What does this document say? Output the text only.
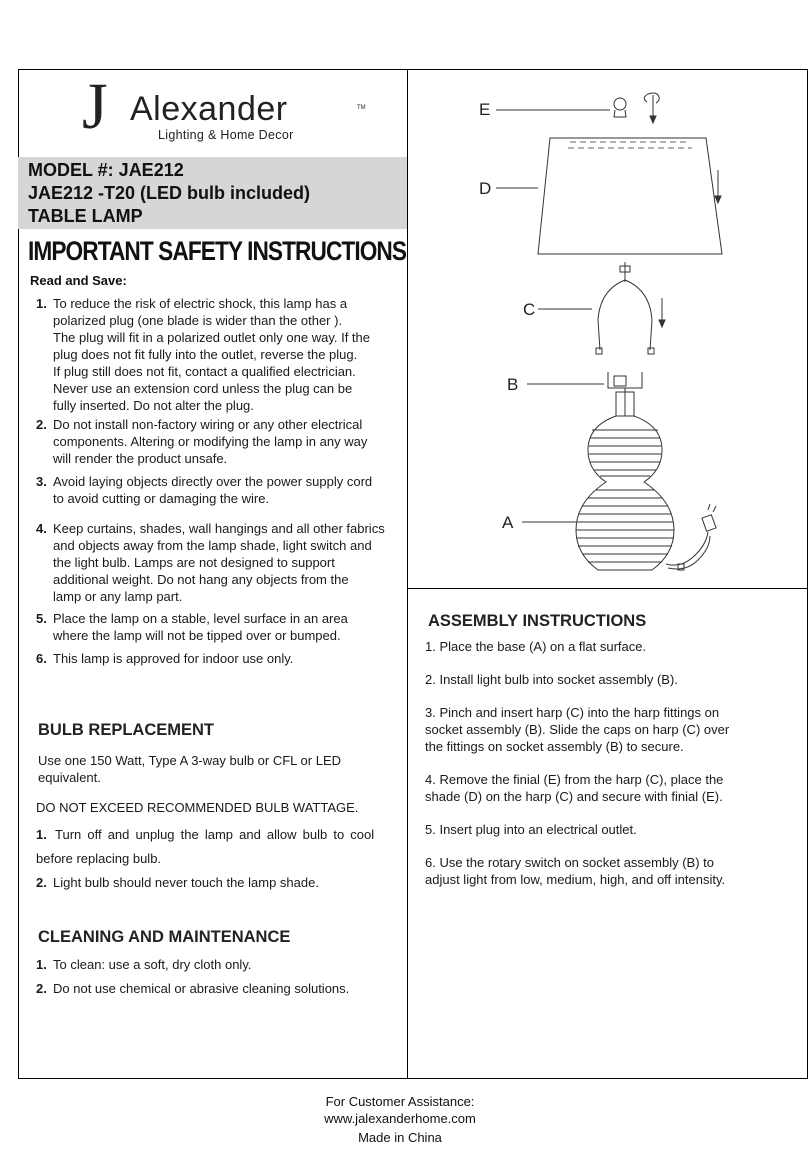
J Alexander	TM
Lighting & Home Decor
MODEL #: JAE212
JAE212 -T20 (LED bulb included)
TABLE LAMP
IMPORTANT SAFETY INSTRUCTIONS
Read and Save:
1. To reduce the risk of electric shock, this lamp has a
polarized plug (one blade is wider than the other ).
The plug will fit in a polarized outlet only one way. If the
plug does not fit fully into the outlet, reverse the plug.
If plug still does not fit, contact a qualified electrician.
Never use an extension cord unless the plug can be
fully inserted. Do not alter the plug.
2. Do not install non-factory wiring or any other electrical
components. Altering or modifying the lamp in any way
will render the product unsafe.
3. Avoid laying objects directly over the power supply cord
to avoid cutting or damaging the wire.
4. Keep curtains, shades, wall hangings and all other fabrics
and objects away from the lamp shade, light switch and
the light bulb. Lamps are not designed to support
additional weight. Do not hang any objects from the
lamp or any lamp part.
5. Place the lamp on a stable, level surface in an area
where the lamp will not be tipped over or bumped.
6. This lamp is approved for indoor use only.
BULB REPLACEMENT
Use one 150 Watt, Type A 3-way bulb or CFL or LED
equivalent.
DO NOT EXCEED RECOMMENDED BULB WATTAGE.
1. Turn off and unplug the lamp and allow bulb to cool
before replacing bulb.
2. Light bulb should never touch the lamp shade.
CLEANING AND MAINTENANCE
1. To clean: use a soft, dry cloth only.
2. Do not use chemical or abrasive cleaning solutions.
ASSEMBLY INSTRUCTIONS
1. Place the base (A) on a flat surface.
2. Install light bulb into socket assembly (B).
3. Pinch and insert harp (C) into the harp fittings on
socket assembly (B). Slide the caps on harp (C) over
the fittings on socket assembly (B) to secure.
4. Remove the finial (E) from the harp (C), place the
shade (D) on the harp (C) and secure with finial (E).
5. Insert plug into an electrical outlet.
6. Use the rotary switch on socket assembly (B) to
adjust light from low, medium, high, and off intensity.
E
D
C
B
A
For Customer Assistance:
www.jalexanderhome.com
Made in China
